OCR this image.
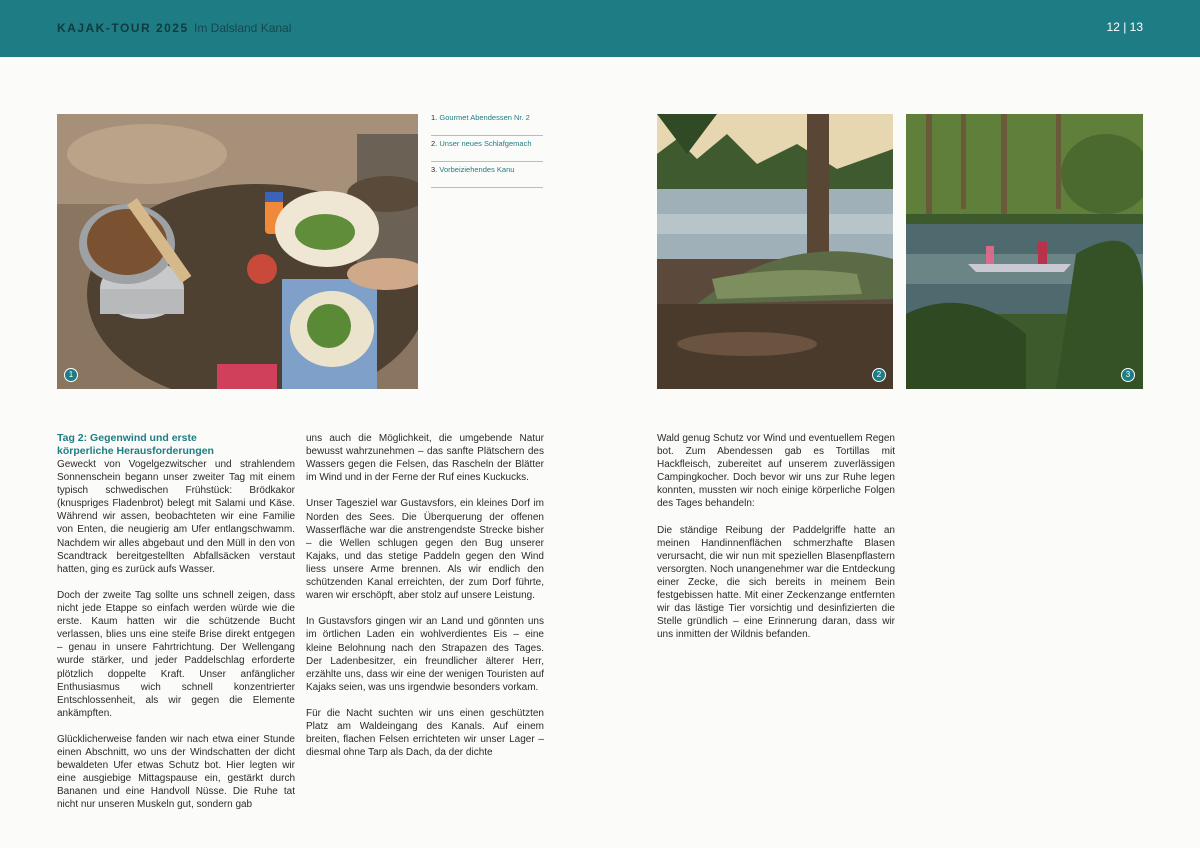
KAJAK-TOUR 2025 Im Dalsland Kanal	12 | 13
1
1. Gourmet Abendessen Nr. 2
2. Unser neues Schlafgemach
3. Vorbeiziehendes Kanu
2	3
Tag 2: Gegenwind und erste
körperliche Herausforderungen

Geweckt von Vogelgezwitscher und strahlendem Sonnenschein begann unser zweiter Tag mit einem typisch schwedischen Frühstück: Brödkakor (knuspriges Fladenbrot) belegt mit Salami und Käse. Während wir assen, beobachteten wir eine Familie von Enten, die neugierig am Ufer entlangschwamm. Nachdem wir alles abgebaut und den Müll in den von Scandtrack bereitgestellten Abfallsäcken verstaut hatten, ging es zurück aufs Wasser.

Doch der zweite Tag sollte uns schnell zeigen, dass nicht jede Etappe so einfach werden würde wie die erste. Kaum hatten wir die schützende Bucht verlassen, blies uns eine steife Brise direkt entgegen – genau in unsere Fahrtrichtung. Der Wellengang wurde stärker, und jeder Paddelschlag erforderte plötzlich doppelte Kraft. Unser anfänglicher Enthusiasmus wich schnell konzentrierter Entschlossenheit, als wir gegen die Elemente ankämpften.

Glücklicherweise fanden wir nach etwa einer Stunde einen Abschnitt, wo uns der Windschatten der dicht bewaldeten Ufer etwas Schutz bot. Hier legten wir eine ausgiebige Mittagspause ein, gestärkt durch Bananen und eine Handvoll Nüsse. Die Ruhe tat nicht nur unseren Muskeln gut, sondern gab

uns auch die Möglichkeit, die umgebende Natur bewusst wahrzunehmen – das sanfte Plätschern des Wassers gegen die Felsen, das Rascheln der Blätter im Wind und in der Ferne der Ruf eines Kuckucks.

Unser Tagesziel war Gustavsfors, ein kleines Dorf im Norden des Sees. Die Überquerung der offenen Wasserfläche war die anstrengendste Strecke bisher – die Wellen schlugen gegen den Bug unserer Kajaks, und das stetige Paddeln gegen den Wind liess unsere Arme brennen. Als wir endlich den schützenden Kanal erreichten, der zum Dorf führte, waren wir erschöpft, aber stolz auf unsere Leistung.

In Gustavsfors gingen wir an Land und gönnten uns im örtlichen Laden ein wohlverdientes Eis – eine kleine Belohnung nach den Strapazen des Tages. Der Ladenbesitzer, ein freundlicher älterer Herr, erzählte uns, dass wir eine der wenigen Touristen auf Kajaks seien, was uns irgendwie besonders vorkam.

Für die Nacht suchten wir uns einen geschützten Platz am Waldeingang des Kanals. Auf einem breiten, flachen Felsen errichteten wir unser Lager – diesmal ohne Tarp als Dach, da der dichte

Wald genug Schutz vor Wind und eventuellem Regen bot. Zum Abendessen gab es Tortillas mit Hackfleisch, zubereitet auf unserem zuverlässigen Campingkocher. Doch bevor wir uns zur Ruhe legen konnten, mussten wir noch einige körperliche Folgen des Tages behandeln:

Die ständige Reibung der Paddelgriffe hatte an meinen Handinnenflächen schmerzhafte Blasen verursacht, die wir nun mit speziellen Blasenpflastern versorgten. Noch unangenehmer war die Entdeckung einer Zecke, die sich bereits in meinem Bein festgebissen hatte. Mit einer Zeckenzange entfernten wir das lästige Tier vorsichtig und desinfizierten die Stelle gründlich – eine Erinnerung daran, dass wir uns inmitten der Wildnis befanden.
